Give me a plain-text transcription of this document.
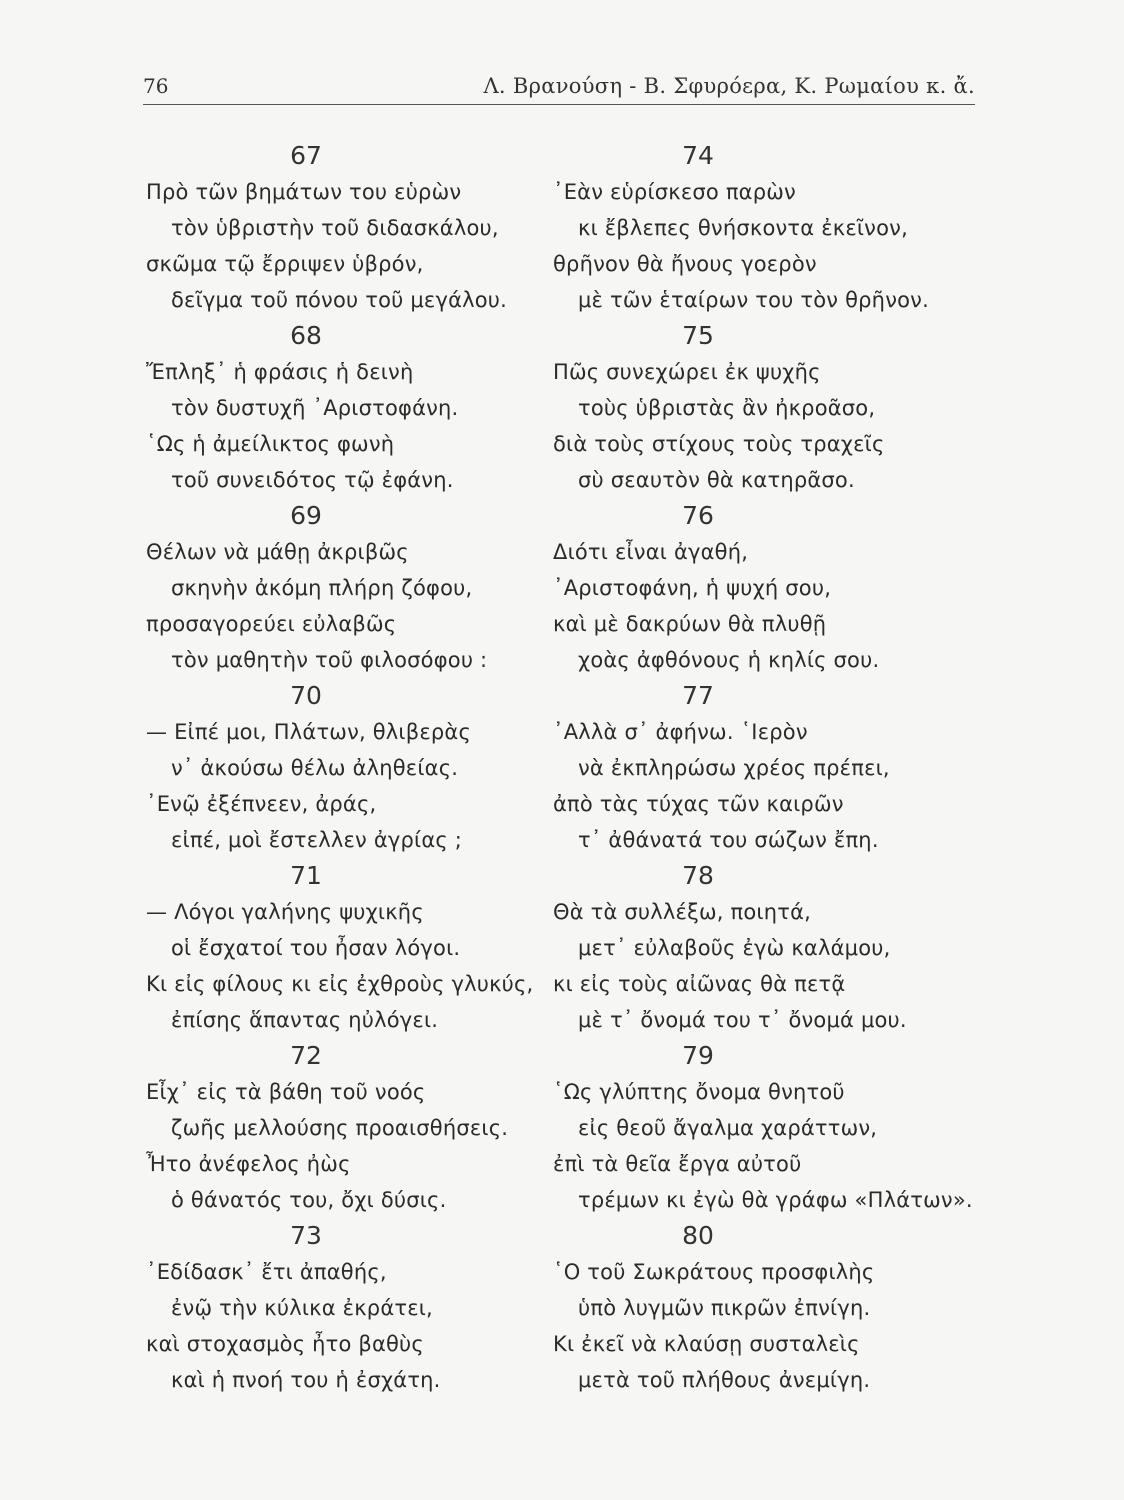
76	Λ. Βρανούση - Β. Σφυρόερα, Κ. Ρωμαίου κ. ἄ.
67
Πρὸ τῶν βημάτων του εὑρὼν
τὸν ὑβριστὴν τοῦ διδασκάλου,
σκῶμα τῷ ἔρριψεν ὑβρόν,
δεῖγμα τοῦ πόνου τοῦ μεγάλου.
68
Ἔπληξ᾽ ἡ φράσις ἡ δεινὴ
τὸν δυστυχῆ ᾽Αριστοφάνη.
῾Ως ἡ ἀμείλικτος φωνὴ
τοῦ συνειδότος τῷ ἐφάνη.
69
Θέλων νὰ μάθῃ ἀκριβῶς
σκηνὴν ἀκόμη πλήρη ζόφου,
προσαγορεύει εὐλαβῶς
τὸν μαθητὴν τοῦ φιλοσόφου :
70
— Εἰπέ μοι, Πλάτων, θλιβερὰς
ν᾽ ἀκούσω θέλω ἀληθείας.
᾽Ενῷ ἐξέπνεεν, ἀράς,
εἰπέ, μοὶ ἔστελλεν ἀγρίας ;
71
— Λόγοι γαλήνης ψυχικῆς
οἱ ἔσχατοί του ἦσαν λόγοι.
Κι εἰς φίλους κι εἰς ἐχθροὺς γλυκύς,
ἐπίσης ἅπαντας ηὐλόγει.
72
Εἶχ᾽ εἰς τὰ βάθη τοῦ νοός
ζωῆς μελλούσης προαισθήσεις.
Ἦτο ἀνέφελος ἠὼς
ὁ θάνατός του, ὄχι δύσις.
73
᾽Εδίδασκ᾽ ἔτι ἀπαθής,
ἐνῷ τὴν κύλικα ἐκράτει,
καὶ στοχασμὸς ἦτο βαθὺς
καὶ ἡ πνοή του ἡ ἐσχάτη.
74
᾽Εὰν εὑρίσκεσο παρὼν
κι ἔβλεπες θνήσκοντα ἐκεῖνον,
θρῆνον θὰ ἤνους γοερὸν
μὲ τῶν ἑταίρων του τὸν θρῆνον.
75
Πῶς συνεχώρει ἐκ ψυχῆς
τοὺς ὑβριστὰς ἂν ἠκροᾶσο,
διὰ τοὺς στίχους τοὺς τραχεῖς
σὺ σεαυτὸν θὰ κατηρᾶσο.
76
Διότι εἶναι ἀγαθή,
᾽Αριστοφάνη, ἡ ψυχή σου,
καὶ μὲ δακρύων θὰ πλυθῇ
χοὰς ἀφθόνους ἡ κηλίς σου.
77
᾽Αλλὰ σ᾽ ἀφήνω. ῾Ιερὸν
νὰ ἐκπληρώσω χρέος πρέπει,
ἀπὸ τὰς τύχας τῶν καιρῶν
τ᾽ ἀθάνατά του σώζων ἔπη.
78
Θὰ τὰ συλλέξω, ποιητά,
μετ᾽ εὐλαβοῦς ἐγὼ καλάμου,
κι εἰς τοὺς αἰῶνας θὰ πετᾷ
μὲ τ᾽ ὄνομά του τ᾽ ὄνομά μου.
79
῾Ως γλύπτης ὄνομα θνητοῦ
εἰς θεοῦ ἄγαλμα χαράττων,
ἐπὶ τὰ θεῖα ἔργα αὐτοῦ
τρέμων κι ἐγὼ θὰ γράφω «Πλάτων».
80
῾Ο τοῦ Σωκράτους προσφιλὴς
ὑπὸ λυγμῶν πικρῶν ἐπνίγη.
Κι ἐκεῖ νὰ κλαύσῃ συσταλεὶς
μετὰ τοῦ πλήθους ἀνεμίγη.
